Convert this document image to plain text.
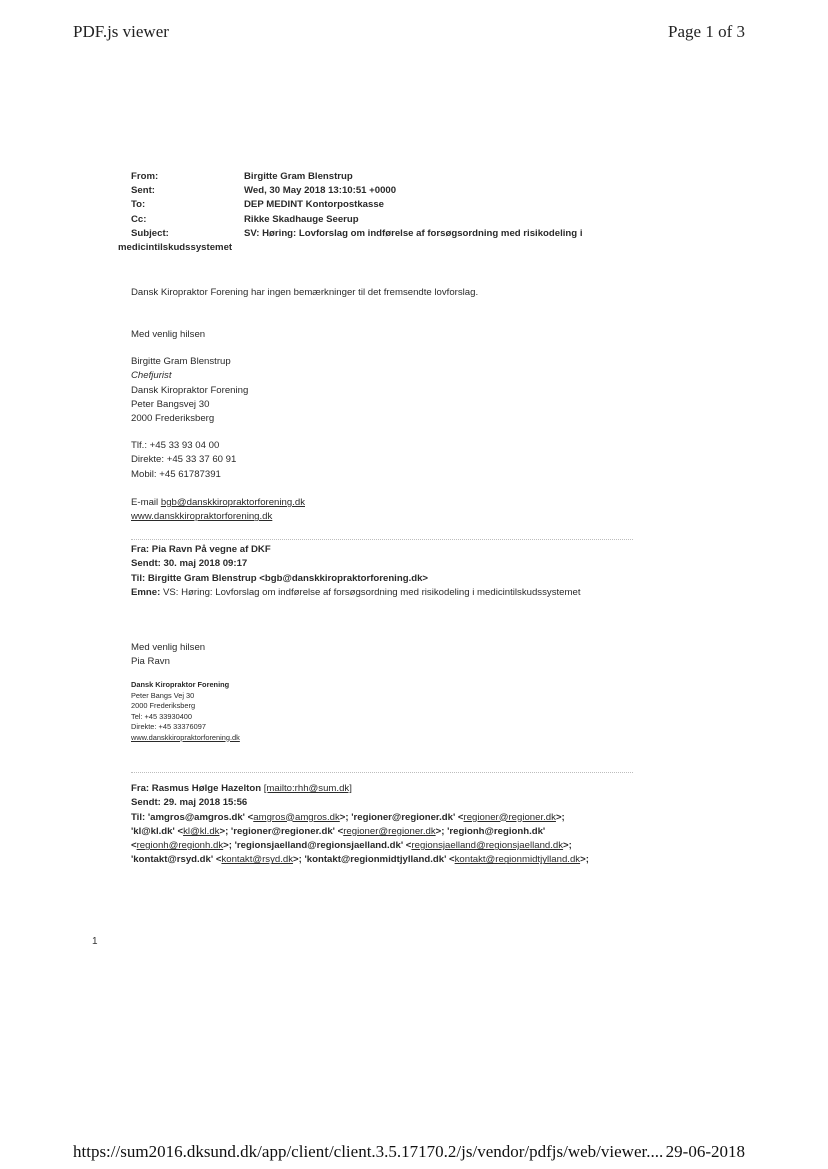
PDF.js viewer	Page 1 of 3
From:	Birgitte Gram Blenstrup
Sent:	Wed, 30 May 2018 13:10:51 +0000
To:	DEP MEDINT Kontorpostkasse
Cc:	Rikke Skadhauge Seerup
Subject:	SV: Høring: Lovforslag om indførelse af forsøgsordning med risikodeling i
medicintilskudssystemet
Dansk Kiropraktor Forening har ingen bemærkninger til det fremsendte lovforslag.
Med venlig hilsen
Birgitte Gram Blenstrup
Chefjurist
Dansk Kiropraktor Forening
Peter Bangsvej 30
2000 Frederiksberg
Tlf.: +45 33 93 04 00
Direkte: +45 33 37 60 91
Mobil: +45 61787391
E-mail bgb@danskkiropraktorforening.dk
www.danskkiropraktorforening.dk
Fra: Pia Ravn På vegne af DKF
Sendt: 30. maj 2018 09:17
Til: Birgitte Gram Blenstrup <bgb@danskkiropraktorforening.dk>
Emne: VS: Høring: Lovforslag om indførelse af forsøgsordning med risikodeling i medicintilskudssystemet
Med venlig hilsen
Pia Ravn
Dansk Kiropraktor Forening
Peter Bangs Vej 30
2000 Frederiksberg
Tel: +45 33930400
Direkte: +45 33376097
www.danskkiropraktorforening.dk
Fra: Rasmus Hølge Hazelton [mailto:rhh@sum.dk]
Sendt: 29. maj 2018 15:56
Til: 'amgros@amgros.dk' <amgros@amgros.dk>; 'regioner@regioner.dk' <regioner@regioner.dk>;
'kl@kl.dk' <kl@kl.dk>; 'regioner@regioner.dk' <regioner@regioner.dk>; 'regionh@regionh.dk'
<regionh@regionh.dk>; 'regionsjaelland@regionsjaelland.dk' <regionsjaelland@regionsjaelland.dk>;
'kontakt@rsyd.dk' <kontakt@rsyd.dk>; 'kontakt@regionmidtjylland.dk' <kontakt@regionmidtjylland.dk>;
1
https://sum2016.dksund.dk/app/client/client.3.5.17170.2/js/vendor/pdfjs/web/viewer.... 29-06-2018
